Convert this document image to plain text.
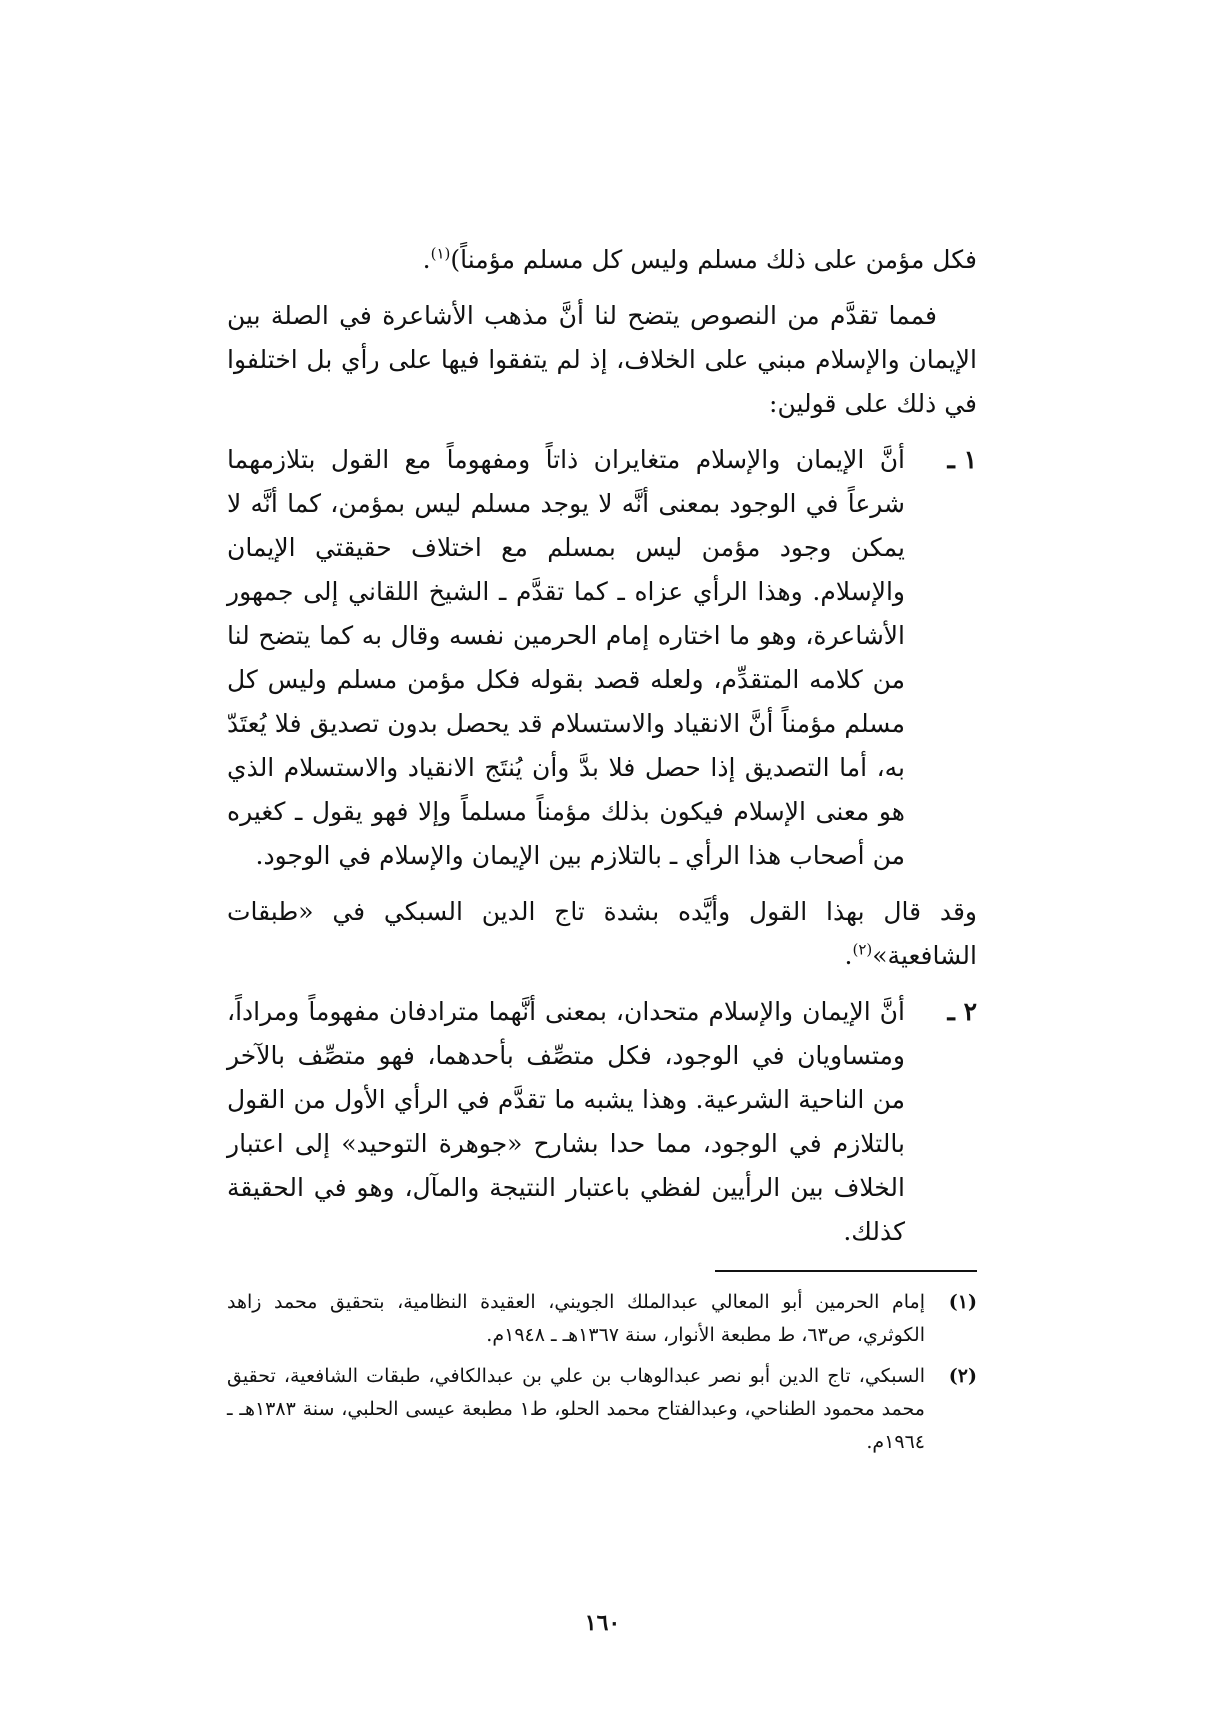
فكل مؤمن على ذلك مسلم وليس كل مسلم مؤمناً)$^{(١)}$.

فمما تقدَّم من النصوص يتضح لنا أنَّ مذهب الأشاعرة في الصلة بين الإيمان والإسلام مبني على الخلاف، إذ لم يتفقوا فيها على رأي بل اختلفوا في ذلك على قولين:

١ ـ
أنَّ الإيمان والإسلام متغايران ذاتاً ومفهوماً مع القول بتلازمهما شرعاً في الوجود بمعنى أنَّه لا يوجد مسلم ليس بمؤمن، كما أنَّه لا يمكن وجود مؤمن ليس بمسلم مع اختلاف حقيقتي الإيمان والإسلام. وهذا الرأي عزاه ـ كما تقدَّم ـ الشيخ اللقاني إلى جمهور الأشاعرة، وهو ما اختاره إمام الحرمين نفسه وقال به كما يتضح لنا من كلامه المتقدِّم، ولعله قصد بقوله فكل مؤمن مسلم وليس كل مسلم مؤمناً أنَّ الانقياد والاستسلام قد يحصل بدون تصديق فلا يُعتَدّ به، أما التصديق إذا حصل فلا بدَّ وأن يُنتَج الانقياد والاستسلام الذي هو معنى الإسلام فيكون بذلك مؤمناً مسلماً وإلا فهو يقول ـ كغيره من أصحاب هذا الرأي ـ بالتلازم بين الإيمان والإسلام في الوجود.

وقد قال بهذا القول وأيَّده بشدة تاج الدين السبكي في «طبقات الشافعية»$^{(٢)}$.

٢ ـ
أنَّ الإيمان والإسلام متحدان، بمعنى أنَّهما مترادفان مفهوماً ومراداً، ومتساويان في الوجود، فكل متصِّف بأحدهما، فهو متصِّف بالآخر من الناحية الشرعية. وهذا يشبه ما تقدَّم في الرأي الأول من القول بالتلازم في الوجود، مما حدا بشارح «جوهرة التوحيد» إلى اعتبار الخلاف بين الرأيين لفظي باعتبار النتيجة والمآل، وهو في الحقيقة كذلك.
(١)
إمام الحرمين أبو المعالي عبدالملك الجويني، العقيدة النظامية، بتحقيق محمد زاهد الكوثري، ص٦٣، ط مطبعة الأنوار، سنة ١٣٦٧هـ ـ ١٩٤٨م.
(٢)
السبكي، تاج الدين أبو نصر عبدالوهاب بن علي بن عبدالكافي، طبقات الشافعية، تحقيق محمد محمود الطناحي، وعبدالفتاح محمد الحلو، ط١ مطبعة عيسى الحلبي، سنة ١٣٨٣هـ ـ ١٩٦٤م.
١٦٠
